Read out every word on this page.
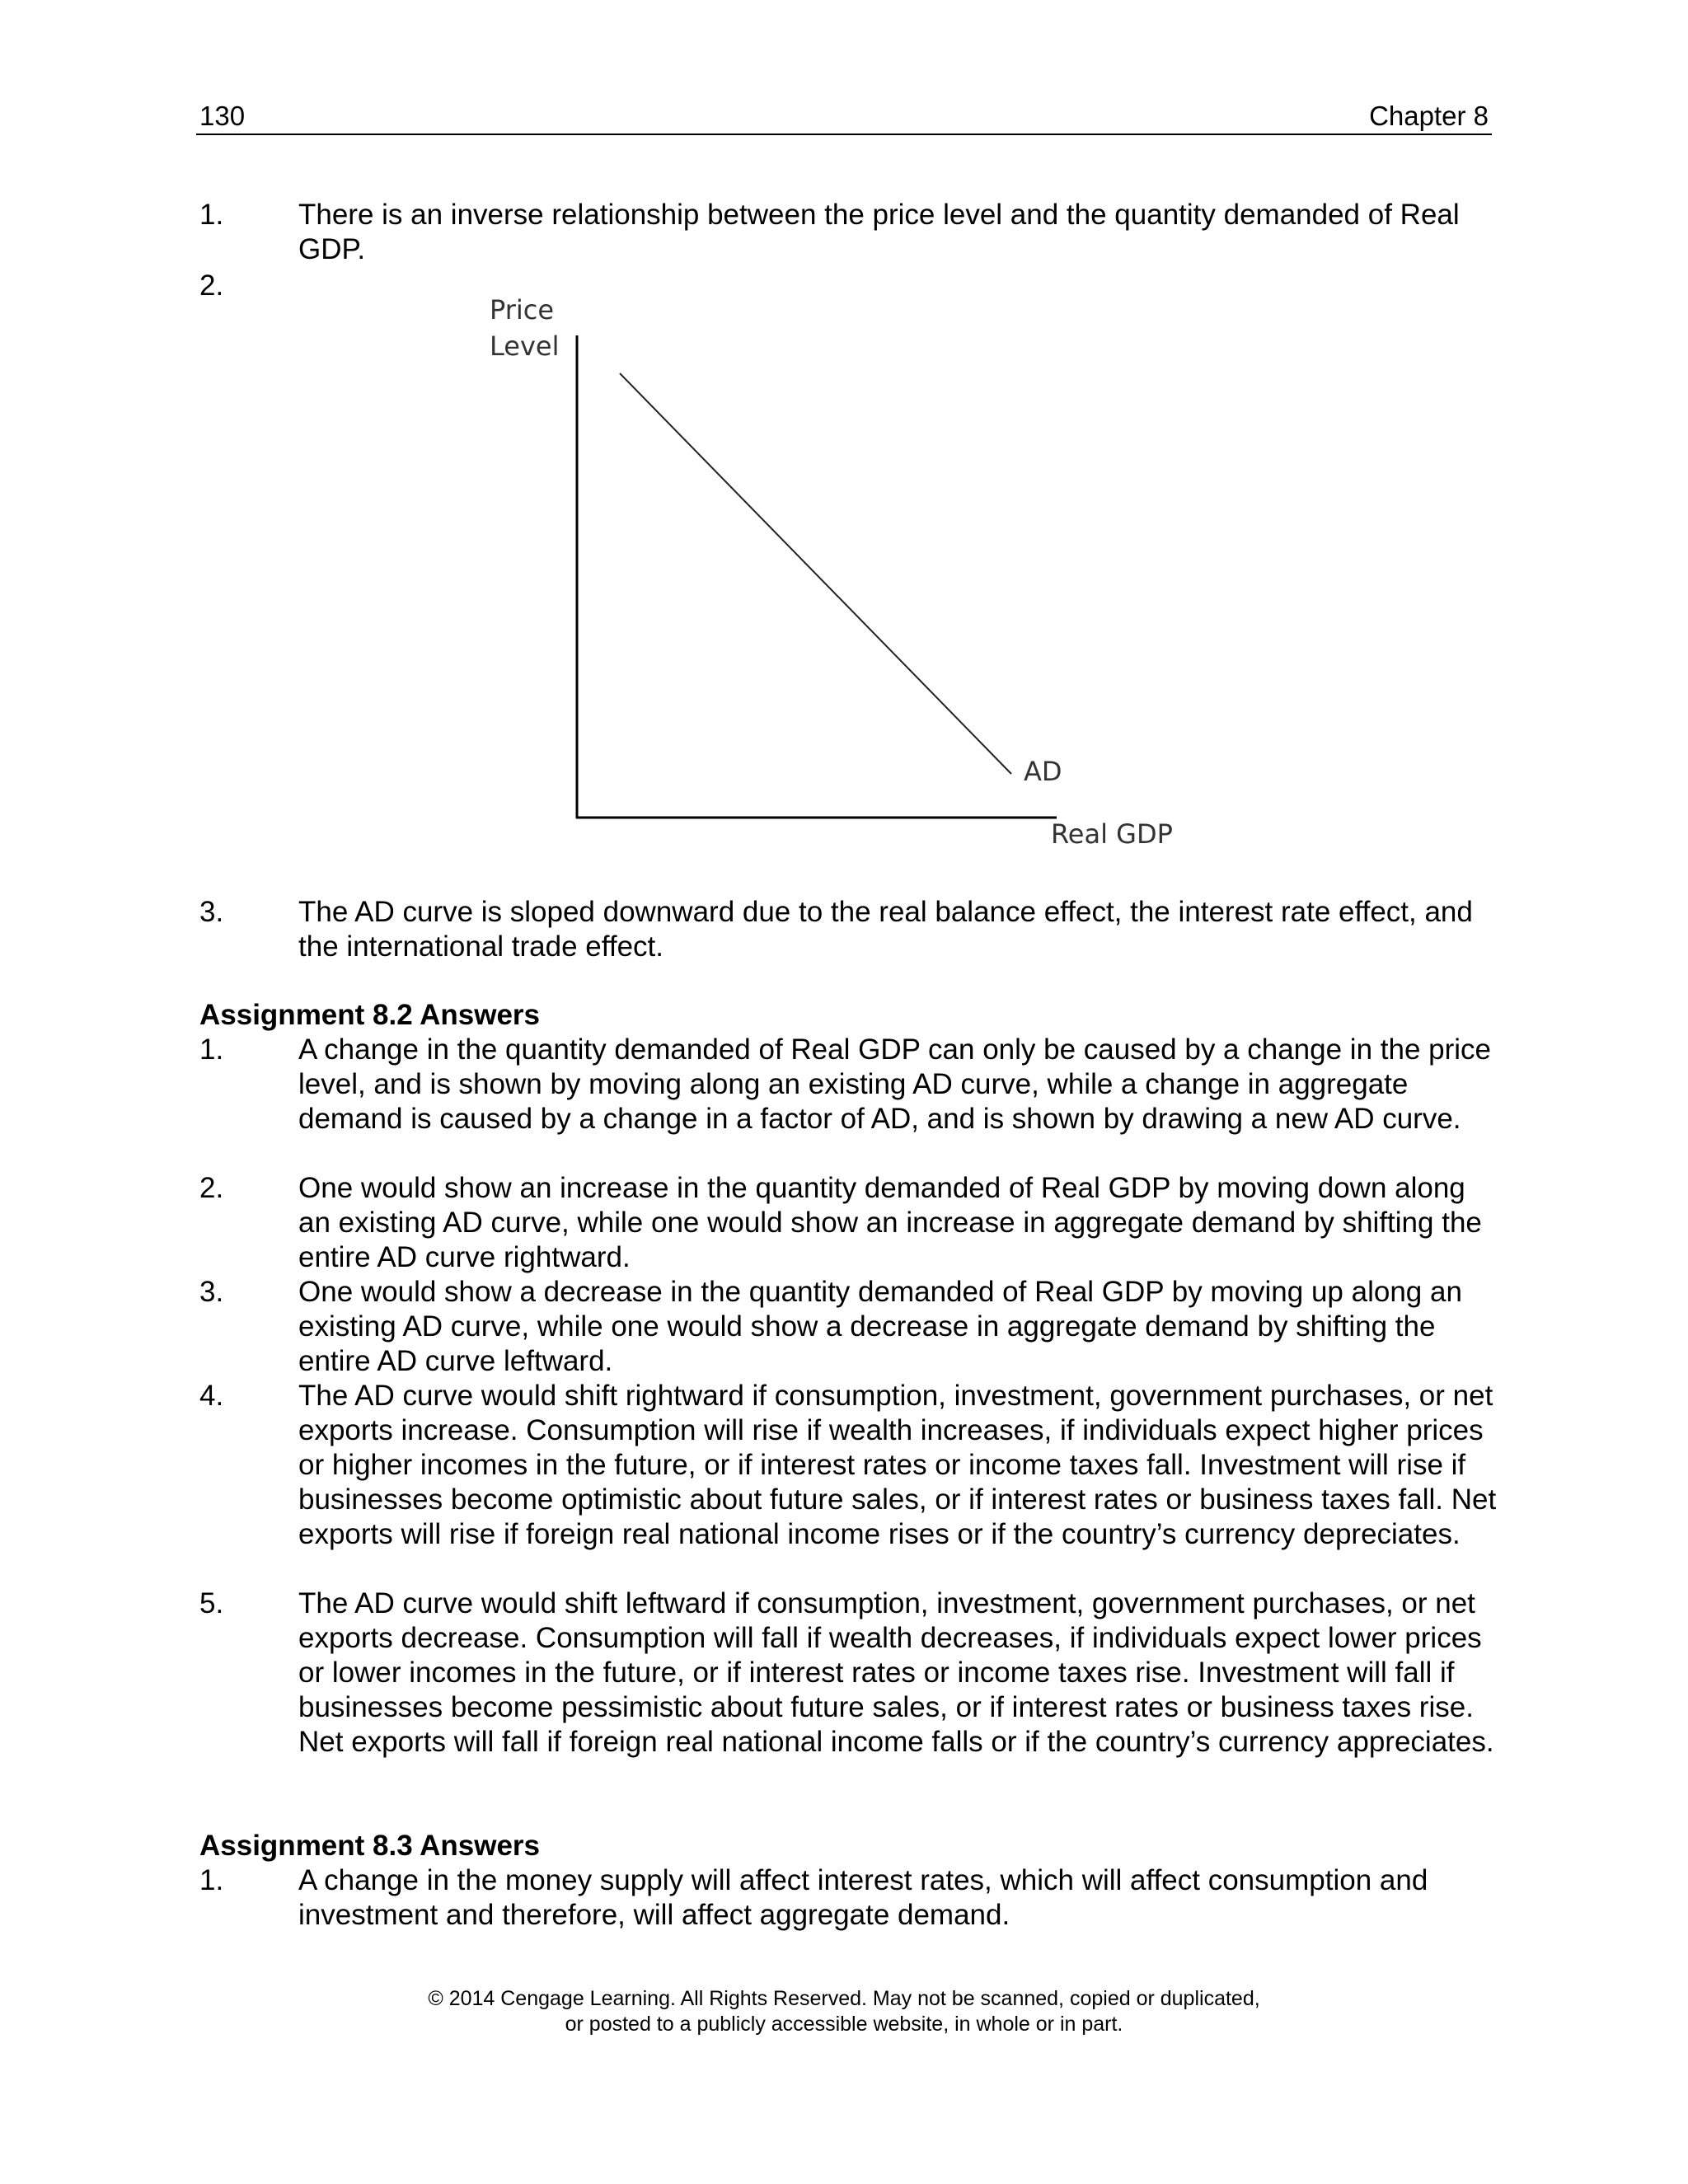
130	Chapter 8
1.	There is an inverse relationship between the price level and the quantity demanded of Real GDP.
2.
Price
Level
AD
Real GDP
3.	The AD curve is sloped downward due to the real balance effect, the interest rate effect, and the international trade effect.
Assignment 8.2 Answers
1.	A change in the quantity demanded of Real GDP can only be caused by a change in the price level, and is shown by moving along an existing AD curve, while a change in aggregate demand is caused by a change in a factor of AD, and is shown by drawing a new AD curve.
2.	One would show an increase in the quantity demanded of Real GDP by moving down along an existing AD curve, while one would show an increase in aggregate demand by shifting the entire AD curve rightward.
3.	One would show a decrease in the quantity demanded of Real GDP by moving up along an existing AD curve, while one would show a decrease in aggregate demand by shifting the entire AD curve leftward.
4.	The AD curve would shift rightward if consumption, investment, government purchases, or net exports increase. Consumption will rise if wealth increases, if individuals expect higher prices or higher incomes in the future, or if interest rates or income taxes fall. Investment will rise if businesses become optimistic about future sales, or if interest rates or business taxes fall. Net exports will rise if foreign real national income rises or if the country’s currency depreciates.
5.	The AD curve would shift leftward if consumption, investment, government purchases, or net exports decrease. Consumption will fall if wealth decreases, if individuals expect lower prices or lower incomes in the future, or if interest rates or income taxes rise. Investment will fall if businesses become pessimistic about future sales, or if interest rates or business taxes rise. Net exports will fall if foreign real national income falls or if the country’s currency appreciates.
Assignment 8.3 Answers
1.	A change in the money supply will affect interest rates, which will affect consumption and investment and therefore, will affect aggregate demand.
© 2014 Cengage Learning. All Rights Reserved. May not be scanned, copied or duplicated,
or posted to a publicly accessible website, in whole or in part.
